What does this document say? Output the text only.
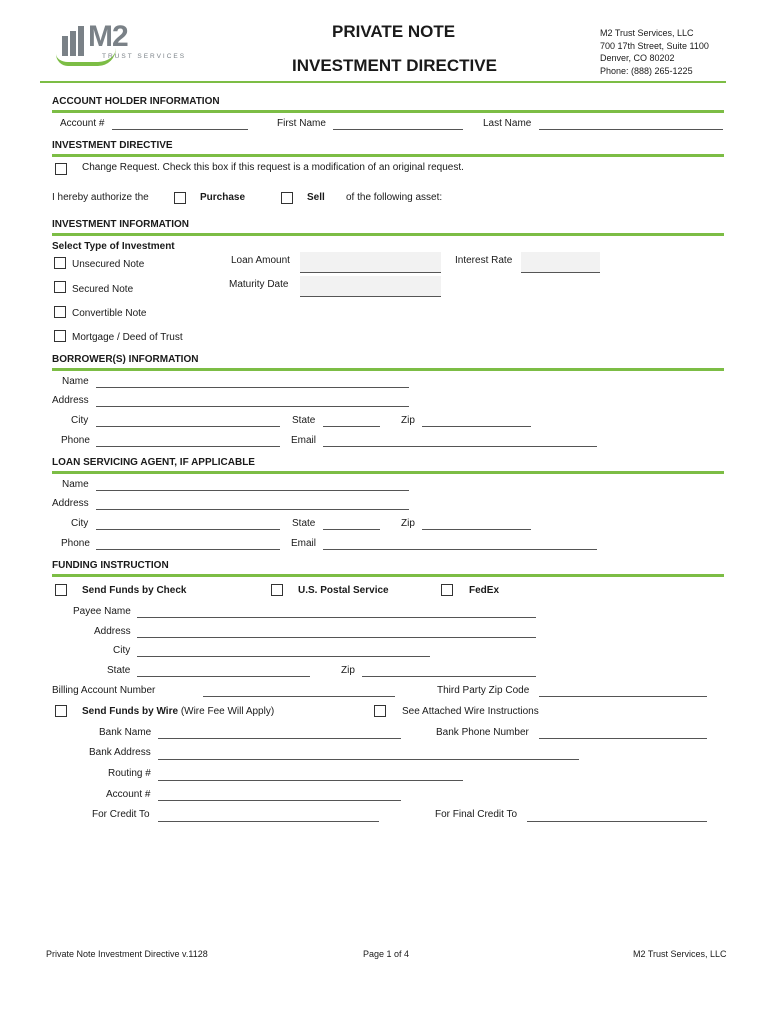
M2
TRUST SERVICES
PRIVATE NOTE
INVESTMENT DIRECTIVE
M2 Trust Services, LLC
700 17th Street, Suite 1100
Denver, CO 80202
Phone: (888) 265-1225
ACCOUNT HOLDER INFORMATION
Account #	First Name	Last Name
INVESTMENT DIRECTIVE
Change Request. Check this box if this request is a modification of an original request.
I hereby authorize the	Purchase	Sell of the following asset:
INVESTMENT INFORMATION
Select Type of Investment
Unsecured Note
Secured Note
Convertible Note
Mortgage / Deed of Trust
Loan Amount	Interest Rate
Maturity Date
BORROWER(S) INFORMATION
Name
Address
City	State	Zip
Phone	Email
LOAN SERVICING AGENT, IF APPLICABLE
Name
Address
City	State	Zip
Phone	Email
FUNDING INSTRUCTION
Send Funds by Check	U.S. Postal Service	FedEx
Payee Name
Address
City
State	Zip
Billing Account Number	Third Party Zip Code
Send Funds by Wire (Wire Fee Will Apply)	See Attached Wire Instructions
Bank Name	Bank Phone Number
Bank Address
Routing #
Account #
For Credit To	For Final Credit To
Private Note Investment Directive v.1128	Page 1 of 4	M2 Trust Services, LLC
